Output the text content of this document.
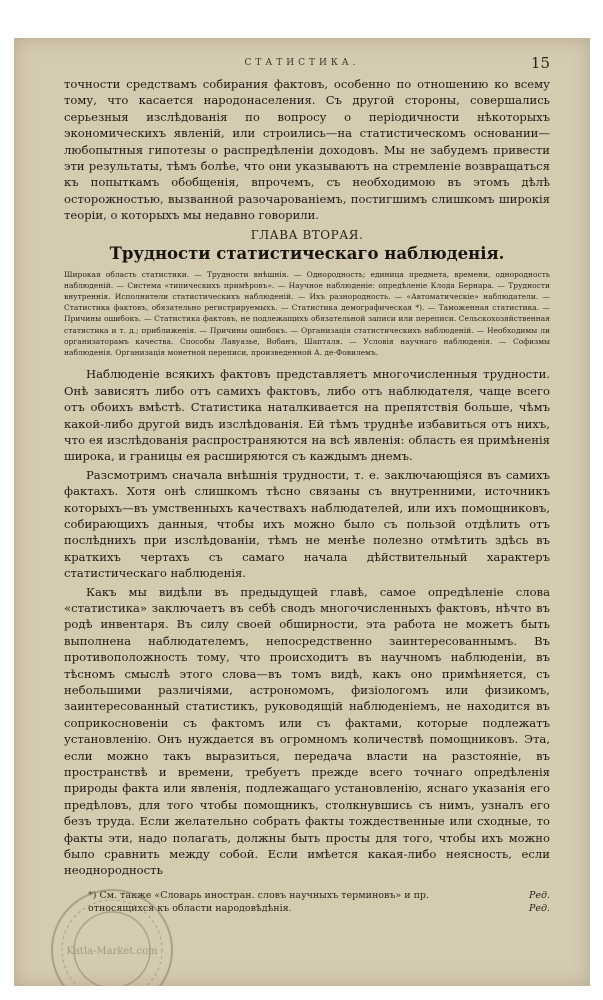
СТАТИСТИКА.	15

точности средствамъ собирания фактовъ, особенно по отношению ко всему тому, что касается народонаселения. Съ другой стороны, совершались серьезныя изслѣдованія по вопросу о періодичности нѣкоторыхъ экономическихъ явленій, или строились—на статистическомъ основании—любопытныя гипотезы о распредѣленіи доходовъ. Мы не забудемъ привести эти результаты, тѣмъ болѣе, что они указываютъ на стремленіе возвращаться къ попыткамъ обобщенія, впрочемъ, съ необходимою въ этомъ дѣлѣ осторожностью, вызванной разочарованіемъ, постигшимъ слишкомъ широкія теоріи, о которыхъ мы недавно говорили.

ГЛАВА ВТОРАЯ.
Трудности статистическаго наблюденія.

Широкая область статистики. — Трудности внѣшнія. — Однородность; единица предмета, времени, однородность наблюденій. — Система «типическихъ примѣровъ». — Научное наблюденіе: опредѣленіе Клода Бернара. — Трудности внутреннія. Исполнители статистическихъ наблюденій. — Ихъ разнородность. — «Автоматическіе» наблюдатели. — Статистика фактовъ, обязательно регистрируемыхъ. — Статистика демографическая *). — Таможенная статистика. — Причины ошибокъ. — Статистика фактовъ, не подлежащихъ обязательной записи или переписи. Сельскохозяйственная статистика и т. д.; приближенія. — Причины ошибокъ. — Организація статистическихъ наблюденій. — Необходимы ли организаторамъ качества. Способы Лавуазье, Вобанъ, Шапталя. — Условія научнаго наблюденія. — Софизмы наблюденія. Организація монетной переписи, произведенной А. де-Фовилемъ.

Наблюденіе всякихъ фактовъ представляетъ многочисленныя трудности. Онѣ зависятъ либо отъ самихъ фактовъ, либо отъ наблюдателя, чаще всего отъ обоихъ вмѣстѣ. Статистика наталкивается на препятствія больше, чѣмъ какой-либо другой видъ изслѣдованія. Ей тѣмъ труднѣе избавиться отъ нихъ, что ея изслѣдованія распространяются на всѣ явленія: область ея примѣненія широка, и границы ея расширяются съ каждымъ днемъ.

Разсмотримъ сначала внѣшнія трудности, т. е. заключающіяся въ самихъ фактахъ. Хотя онѣ слишкомъ тѣсно связаны съ внутренними, источникъ которыхъ—въ умственныхъ качествахъ наблюдателей, или ихъ помощниковъ, собирающихъ данныя, чтобы ихъ можно было съ пользой отдѣлить отъ послѣднихъ при изслѣдованіи, тѣмъ не менѣе полезно отмѣтить здѣсь въ краткихъ чертахъ съ самаго начала дѣйствительный характеръ статистическаго наблюденія.

Какъ мы видѣли въ предыдущей главѣ, самое опредѣленіе слова «статистика» заключаетъ въ себѣ сводъ многочисленныхъ фактовъ, нѣчто въ родѣ инвентаря. Въ силу своей обширности, эта работа не можетъ быть выполнена наблюдателемъ, непосредственно заинтересованнымъ. Въ противоположность тому, что происходитъ въ научномъ наблюденіи, въ тѣсномъ смыслѣ этого слова—въ томъ видѣ, какъ оно примѣняется, съ небольшими различіями, астрономомъ, физіологомъ или физикомъ, заинтересованный статистикъ, руководящій наблюденіемъ, не находится въ соприкосновеніи съ фактомъ или съ фактами, которые подлежатъ установленію. Онъ нуждается въ огромномъ количествѣ помощниковъ. Эта, если можно такъ выразиться, передача власти на разстояніе, въ пространствѣ и времени, требуетъ прежде всего точнаго опредѣленія природы факта или явленія, подлежащаго установленію, яснаго указанія его предѣловъ, для того чтобы помощникъ, столкнувшись съ нимъ, узналъ его безъ труда. Если желательно собрать факты тождественные или сходные, то факты эти, надо полагать, должны быть просты для того, чтобы ихъ можно было сравнить между собой. Если имѣется какая-либо неясность, если неоднородность

*) См. также «Словарь иностран. словъ научныхъ терминовъ» и пр.	Ред.
относящихся къ области народовѣдѣнія.	Ред.
Katla-Market.com
